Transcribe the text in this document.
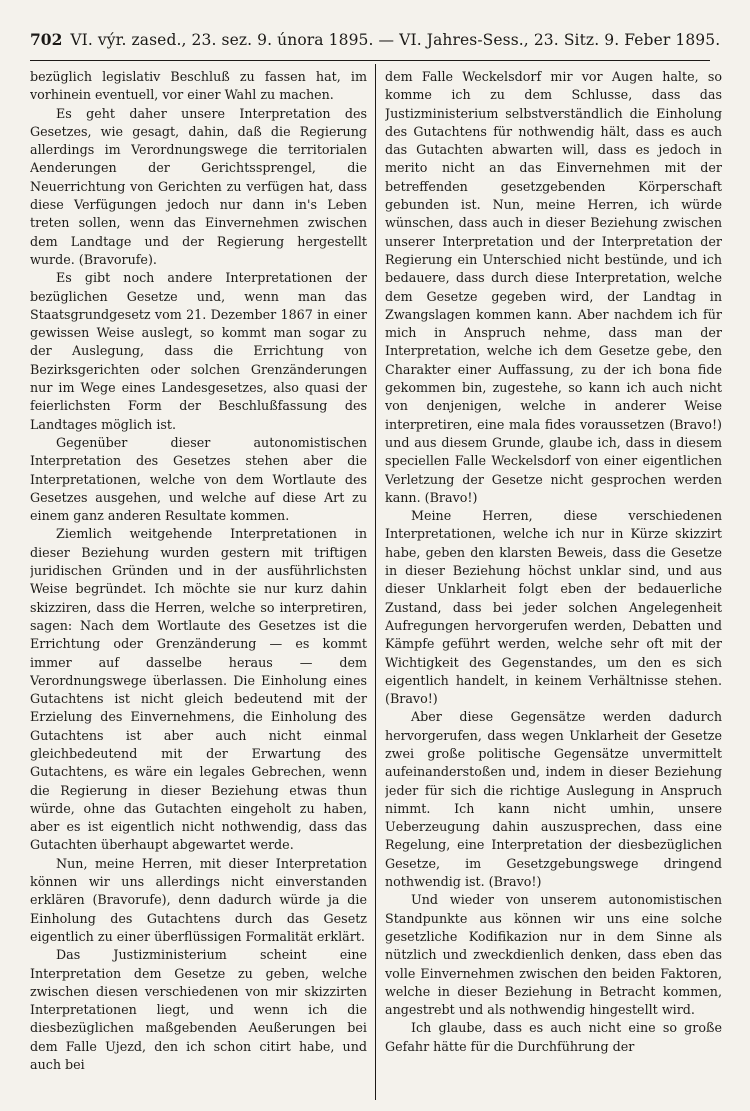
702 VI. výr. zased., 23. sez. 9. února 1895. — VI. Jahres-Sess., 23. Sitz. 9. Feber 1895.

bezüglich legislativ Beschluß zu fassen hat, im vorhinein eventuell, vor einer Wahl zu machen.

Es geht daher unsere Interpretation des Gesetzes, wie gesagt, dahin, daß die Regierung allerdings im Verordnungswege die territorialen Aenderungen der Gerichtssprengel, die Neuerrichtung von Gerichten zu verfügen hat, dass diese Verfügungen jedoch nur dann in's Leben treten sollen, wenn das Einvernehmen zwischen dem Landtage und der Regierung hergestellt wurde. (Bravorufe).

Es gibt noch andere Interpretationen der bezüglichen Gesetze und, wenn man das Staatsgrundgesetz vom 21. Dezember 1867 in einer gewissen Weise auslegt, so kommt man sogar zu der Auslegung, dass die Errichtung von Bezirksgerichten oder solchen Grenzänderungen nur im Wege eines Landesgesetzes, also quasi der feierlichsten Form der Beschlußfassung des Landtages möglich ist.

Gegenüber dieser autonomistischen Interpretation des Gesetzes stehen aber die Interpretationen, welche von dem Wortlaute des Gesetzes ausgehen, und welche auf diese Art zu einem ganz anderen Resultate kommen.

Ziemlich weitgehende Interpretationen in dieser Beziehung wurden gestern mit triftigen juridischen Gründen und in der ausführlichsten Weise begründet. Ich möchte sie nur kurz dahin skizziren, dass die Herren, welche so interpretiren, sagen: Nach dem Wortlaute des Gesetzes ist die Errichtung oder Grenzänderung — es kommt immer auf dasselbe heraus — dem Verordnungswege überlassen. Die Einholung eines Gutachtens ist nicht gleich bedeutend mit der Erzielung des Einvernehmens, die Einholung des Gutachtens ist aber auch nicht einmal gleichbedeutend mit der Erwartung des Gutachtens, es wäre ein legales Gebrechen, wenn die Regierung in dieser Beziehung etwas thun würde, ohne das Gutachten eingeholt zu haben, aber es ist eigentlich nicht nothwendig, dass das Gutachten überhaupt abgewartet werde.

Nun, meine Herren, mit dieser Interpretation können wir uns allerdings nicht einverstanden erklären (Bravorufe), denn dadurch würde ja die Einholung des Gutachtens durch das Gesetz eigentlich zu einer überflüssigen Formalität erklärt.

Das Justizministerium scheint eine Interpretation dem Gesetze zu geben, welche zwischen diesen verschiedenen von mir skizzirten Interpretationen liegt, und wenn ich die diesbezüglichen maßgebenden Aeußerungen bei dem Falle Ujezd, den ich schon citirt habe, und auch bei

dem Falle Weckelsdorf mir vor Augen halte, so komme ich zu dem Schlusse, dass das Justizministerium selbstverständlich die Einholung des Gutachtens für nothwendig hält, dass es auch das Gutachten abwarten will, dass es jedoch in merito nicht an das Einvernehmen mit der betreffenden gesetzgebenden Körperschaft gebunden ist. Nun, meine Herren, ich würde wünschen, dass auch in dieser Beziehung zwischen unserer Interpretation und der Interpretation der Regierung ein Unterschied nicht bestünde, und ich bedauere, dass durch diese Interpretation, welche dem Gesetze gegeben wird, der Landtag in Zwangslagen kommen kann. Aber nachdem ich für mich in Anspruch nehme, dass man der Interpretation, welche ich dem Gesetze gebe, den Charakter einer Auffassung, zu der ich bona fide gekommen bin, zugestehe, so kann ich auch nicht von denjenigen, welche in anderer Weise interpretiren, eine mala fides voraussetzen (Bravo!) und aus diesem Grunde, glaube ich, dass in diesem speciellen Falle Weckelsdorf von einer eigentlichen Verletzung der Gesetze nicht gesprochen werden kann. (Bravo!)

Meine Herren, diese verschiedenen Interpretationen, welche ich nur in Kürze skizzirt habe, geben den klarsten Beweis, dass die Gesetze in dieser Beziehung höchst unklar sind, und aus dieser Unklarheit folgt eben der bedauerliche Zustand, dass bei jeder solchen Angelegenheit Aufregungen hervorgerufen werden, Debatten und Kämpfe geführt werden, welche sehr oft mit der Wichtigkeit des Gegenstandes, um den es sich eigentlich handelt, in keinem Verhältnisse stehen. (Bravo!)

Aber diese Gegensätze werden dadurch hervorgerufen, dass wegen Unklarheit der Gesetze zwei große politische Gegensätze unvermittelt aufeinanderstoßen und, indem in dieser Beziehung jeder für sich die richtige Auslegung in Anspruch nimmt. Ich kann nicht umhin, unsere Ueberzeugung dahin auszusprechen, dass eine Regelung, eine Interpretation der diesbezüglichen Gesetze, im Gesetzgebungswege dringend nothwendig ist. (Bravo!)

Und wieder von unserem autonomistischen Standpunkte aus können wir uns eine solche gesetzliche Kodifikazion nur in dem Sinne als nützlich und zweckdienlich denken, dass eben das volle Einvernehmen zwischen den beiden Faktoren, welche in dieser Beziehung in Betracht kommen, angestrebt und als nothwendig hingestellt wird.

Ich glaube, dass es auch nicht eine so große Gefahr hätte für die Durchführung der
